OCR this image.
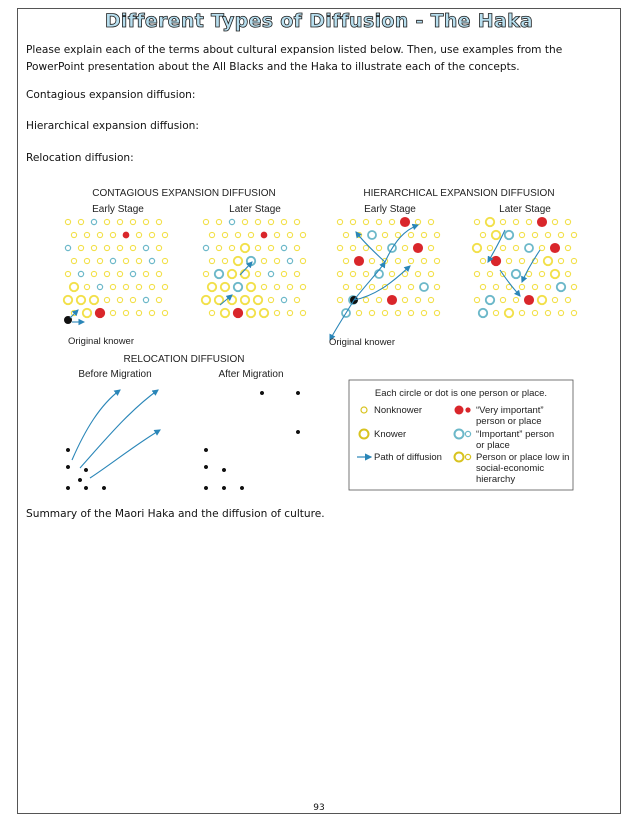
Different Types of Diffusion - The Haka
Please explain each of the terms about cultural expansion listed below. Then, use examples from the PowerPoint presentation about the All Blacks and the Haka to illustrate each of the concepts.
Contagious expansion diffusion:
Hierarchical expansion diffusion:
Relocation diffusion:
CONTAGIOUS EXPANSION DIFFUSION
Early Stage	Later Stage
Original knower
HIERARCHICAL EXPANSION DIFFUSION
Early Stage	Later Stage
Original knower
RELOCATION DIFFUSION
Before Migration	After Migration
Each circle or dot is one person or place.
Nonknower
Knower
Path of diffusion
“Very important”
person or place
“Important” person
or place
Person or place low in
social-economic
hierarchy
Summary of the Maori Haka and the diffusion of culture.
93
